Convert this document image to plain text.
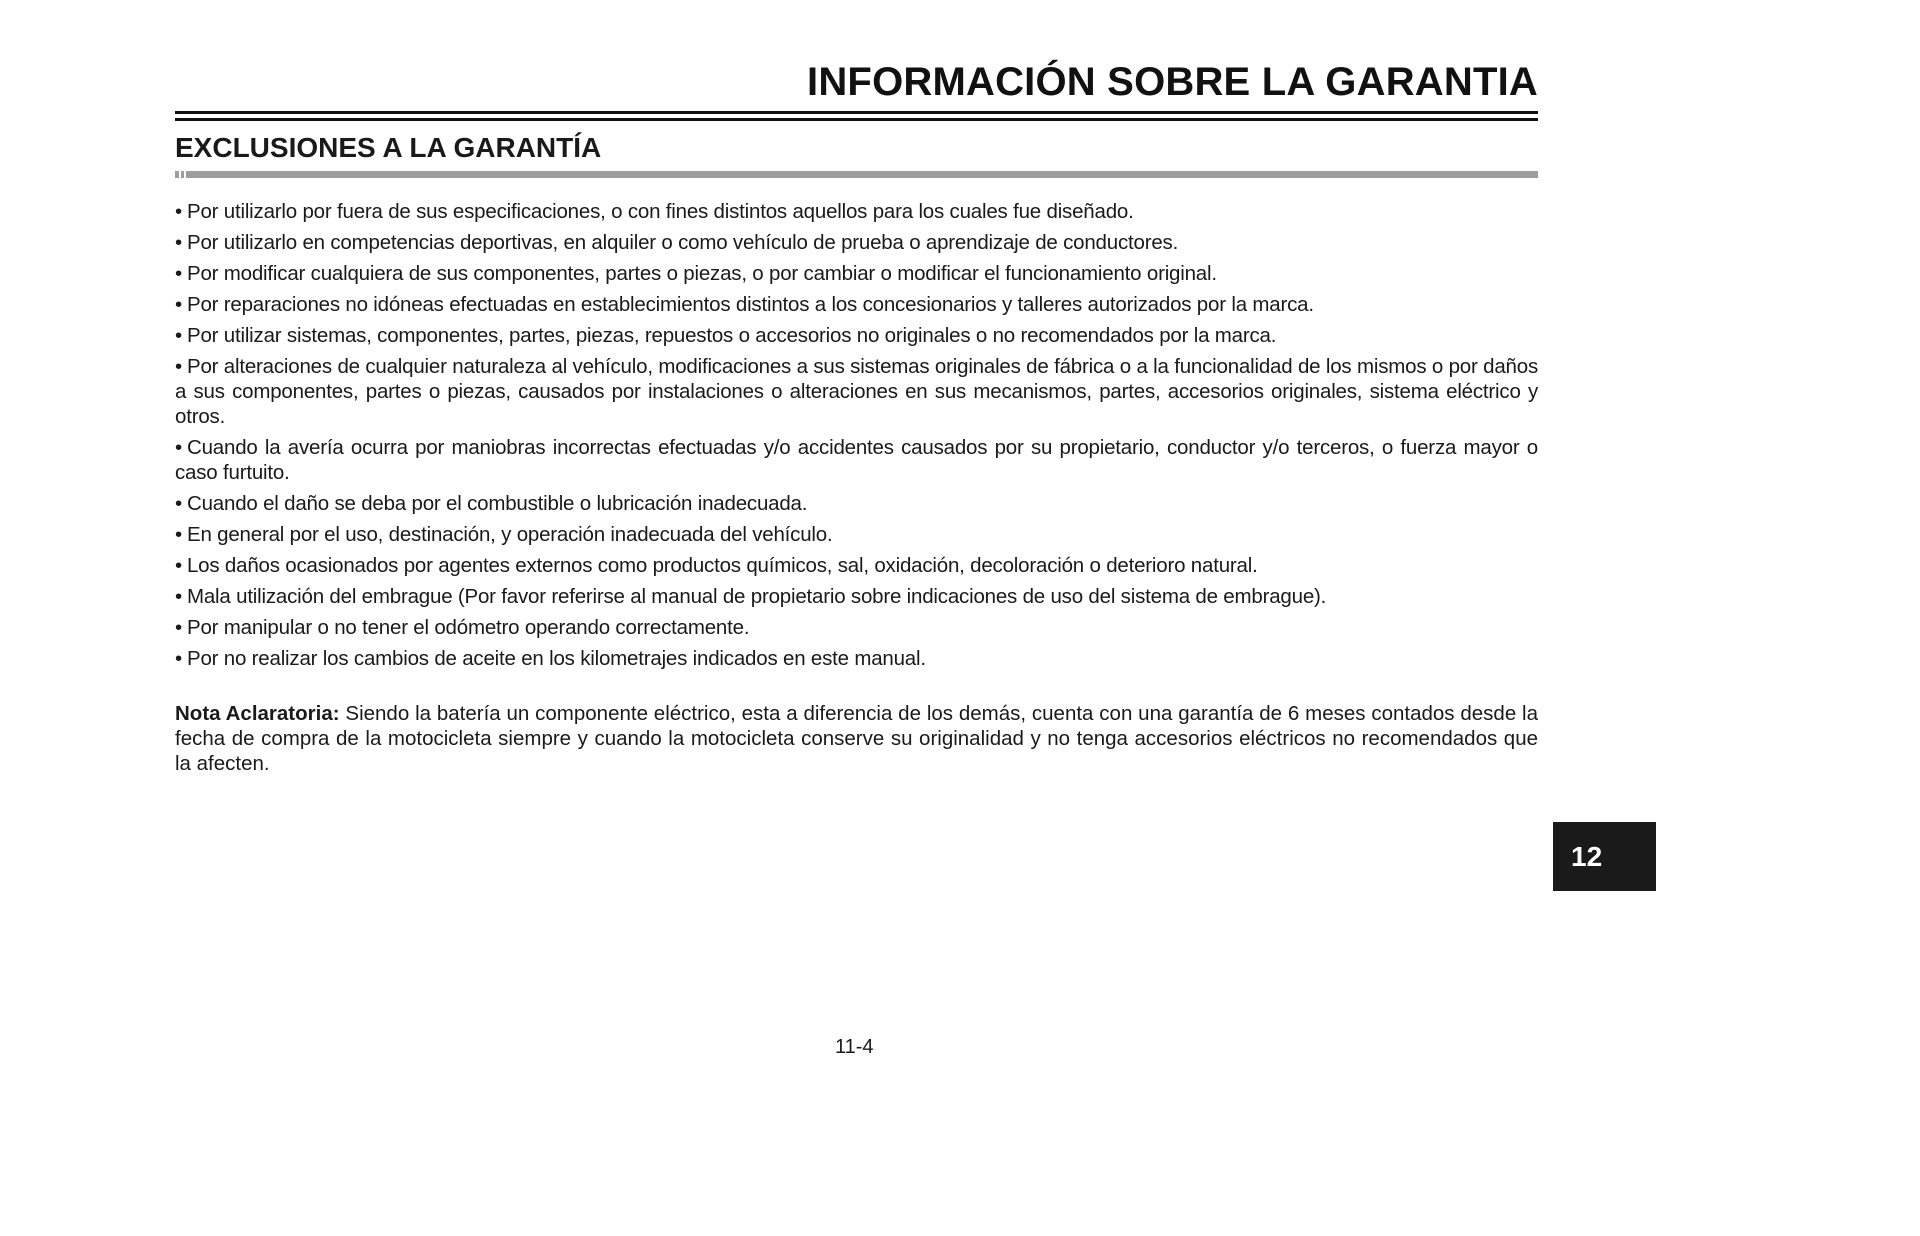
INFORMACIÓN SOBRE LA GARANTIA
EXCLUSIONES A LA GARANTÍA
• Por utilizarlo por fuera de sus especificaciones, o con fines distintos aquellos para los cuales fue diseñado.
• Por utilizarlo en competencias deportivas, en alquiler o como vehículo de prueba o aprendizaje de conductores.
• Por modificar cualquiera de sus componentes, partes o piezas, o por cambiar o modificar el funcionamiento original.
• Por reparaciones no idóneas efectuadas en establecimientos distintos a los concesionarios y talleres autorizados por la marca.
• Por utilizar sistemas, componentes, partes, piezas, repuestos o accesorios no originales o no recomendados por la marca.
• Por alteraciones de cualquier naturaleza al vehículo, modificaciones a sus sistemas originales de fábrica o a la funcionalidad de los mismos o por daños a sus componentes, partes o piezas, causados por instalaciones o alteraciones en sus mecanismos, partes, accesorios originales, sistema eléctrico y otros.
• Cuando la avería ocurra por maniobras incorrectas efectuadas y/o accidentes causados por su propietario, conductor y/o terceros, o fuerza mayor o caso furtuito.
• Cuando el daño se deba por el combustible o lubricación inadecuada.
• En general por el uso, destinación, y operación inadecuada del vehículo.
• Los daños ocasionados por agentes externos como productos químicos, sal, oxidación, decoloración o deterioro natural.
• Mala utilización del embrague (Por favor referirse al manual de propietario sobre indicaciones de uso del sistema de embrague).
• Por manipular o no tener el odómetro operando correctamente.
• Por no realizar los cambios de aceite en los kilometrajes indicados en este manual.

Nota Aclaratoria: Siendo la batería un componente eléctrico, esta a diferencia de los demás, cuenta con una garantía de 6 meses contados desde la fecha de compra de la motocicleta siempre y cuando la motocicleta conserve su originalidad y no tenga accesorios eléctricos no recomendados que la afecten.

12
11-4
